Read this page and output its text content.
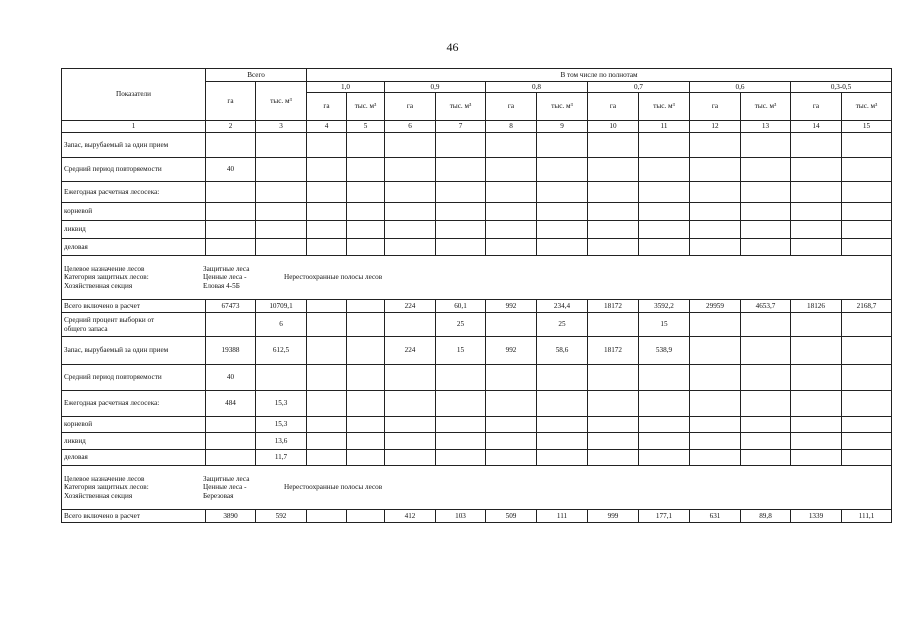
46
Показатели	Всего		В том числе по полнотам											
	га	тыс. м³	1,0		0,9		0,8		0,7		0,6		0,3-0,5	
			га	тыс. м³	га	тыс. м³	га	тыс. м³	га	тыс. м³	га	тыс. м³	га	тыс. м³
1	2	3	4	5	6	7	8	9	10	11	12	13	14	15
Запас, вырубаемый за один прием														
Средний период повторяемости	40													
Ежегодная расчетная лесосека:														
корневой														
ликвид														
деловая														

Целевое назначение лесов Защитные леса
Категория защитных лесов: Ценные леса - Нерестоохранные полосы лесов
Хозяйственная секция Еловая 4-5Б														

Всего включено в расчет	67473	10709,1			224	60,1	992	234,4	18172	3592,2	29959	4653,7	18126	2168,7

Средний процент выборки от
общего запаса		6				25		25		15				
Запас, вырубаемый за один прием	19388	612,5			224	15	992	58,6	18172	538,9				
Средний период повторяемости	40													
Ежегодная расчетная лесосека:	484	15,3												
корневой		15,3												
ликвид		13,6												
деловая		11,7												

Целевое назначение лесов Защитные леса
Категория защитных лесов: Ценные леса - Нерестоохранные полосы лесов
Хозяйственная секция Березовая														

Всего включено в расчет	3890	592			412	103	509	111	999	177,1	631	89,8	1339	111,1
